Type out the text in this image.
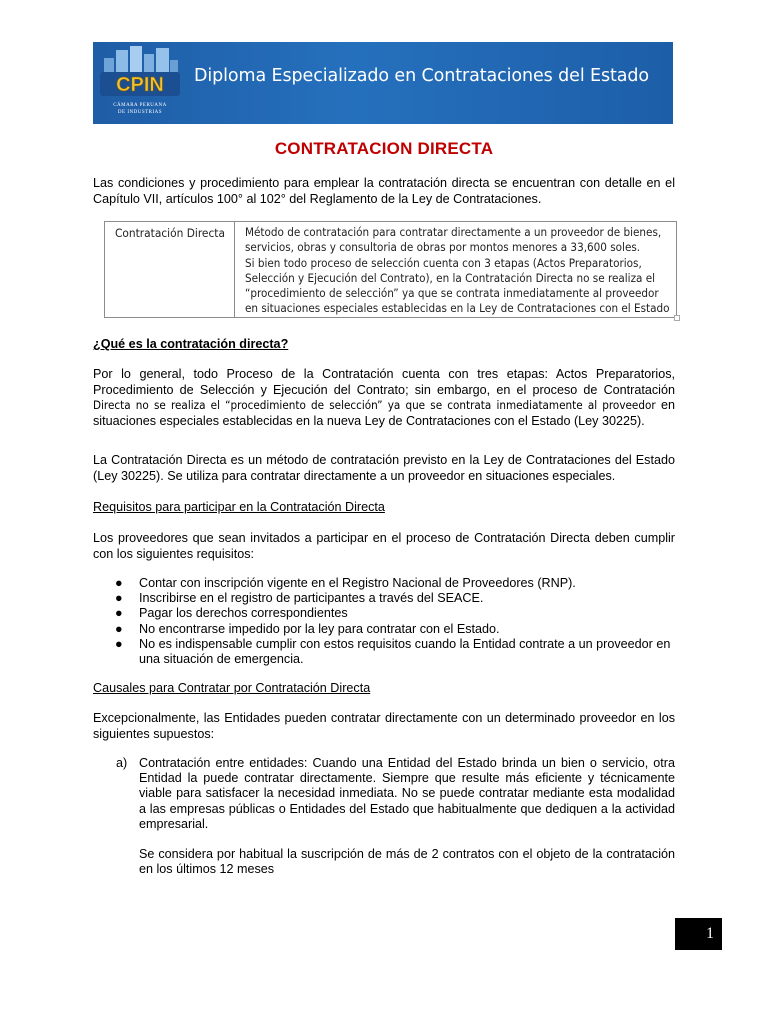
CPIN
CÁMARA PERUANA
DE INDUSTRIAS
Diploma Especializado en Contrataciones del Estado
CONTRATACION DIRECTA

Las condiciones y procedimiento para emplear la contratación directa se encuentran con detalle en el Capítulo VII, artículos 100° al 102° del Reglamento de la Ley de Contrataciones.

Contratación Directa Método de contratación para contratar directamente a un proveedor de bienes,
servicios, obras y consultoria de obras por montos menores a 33,600 soles.
Si bien todo proceso de selección cuenta con 3 etapas (Actos Preparatorios,
Selección y Ejecución del Contrato), en la Contratación Directa no se realiza el
“procedimiento de selección” ya que se contrata inmediatamente al proveedor
en situaciones especiales establecidas en la Ley de Contrataciones con el Estado
¿Qué es la contratación directa?

Por lo general, todo Proceso de la Contratación cuenta con tres etapas: Actos Preparatorios, Procedimiento de Selección y Ejecución del Contrato; sin embargo, en el proceso de Contratación Directa no se realiza el “procedimiento de selección” ya que se contrata inmediatamente al proveedor en situaciones especiales establecidas en la nueva Ley de Contrataciones con el Estado (Ley 30225).

La Contratación Directa es un método de contratación previsto en la Ley de Contrataciones del Estado (Ley 30225). Se utiliza para contratar directamente a un proveedor en situaciones especiales.

Requisitos para participar en la Contratación Directa

Los proveedores que sean invitados a participar en el proceso de Contratación Directa deben cumplir con los siguientes requisitos:

● Contar con inscripción vigente en el Registro Nacional de Proveedores (RNP).
● Inscribirse en el registro de participantes a través del SEACE.
● Pagar los derechos correspondientes
● No encontrarse impedido por la ley para contratar con el Estado.
● No es indispensable cumplir con estos requisitos cuando la Entidad contrate a un proveedor en una situación de emergencia.
Causales para Contratar por Contratación Directa

Excepcionalmente, las Entidades pueden contratar directamente con un determinado proveedor en los siguientes supuestos:

a) Contratación entre entidades: Cuando una Entidad del Estado brinda un bien o servicio, otra Entidad la puede contratar directamente. Siempre que resulte más eficiente y técnicamente viable para satisfacer la necesidad inmediata. No se puede contratar mediante esta modalidad a las empresas públicas o Entidades del Estado que habitualmente que dediquen a la actividad empresarial.
Se considera por habitual la suscripción de más de 2 contratos con el objeto de la contratación en los últimos 12 meses
1
